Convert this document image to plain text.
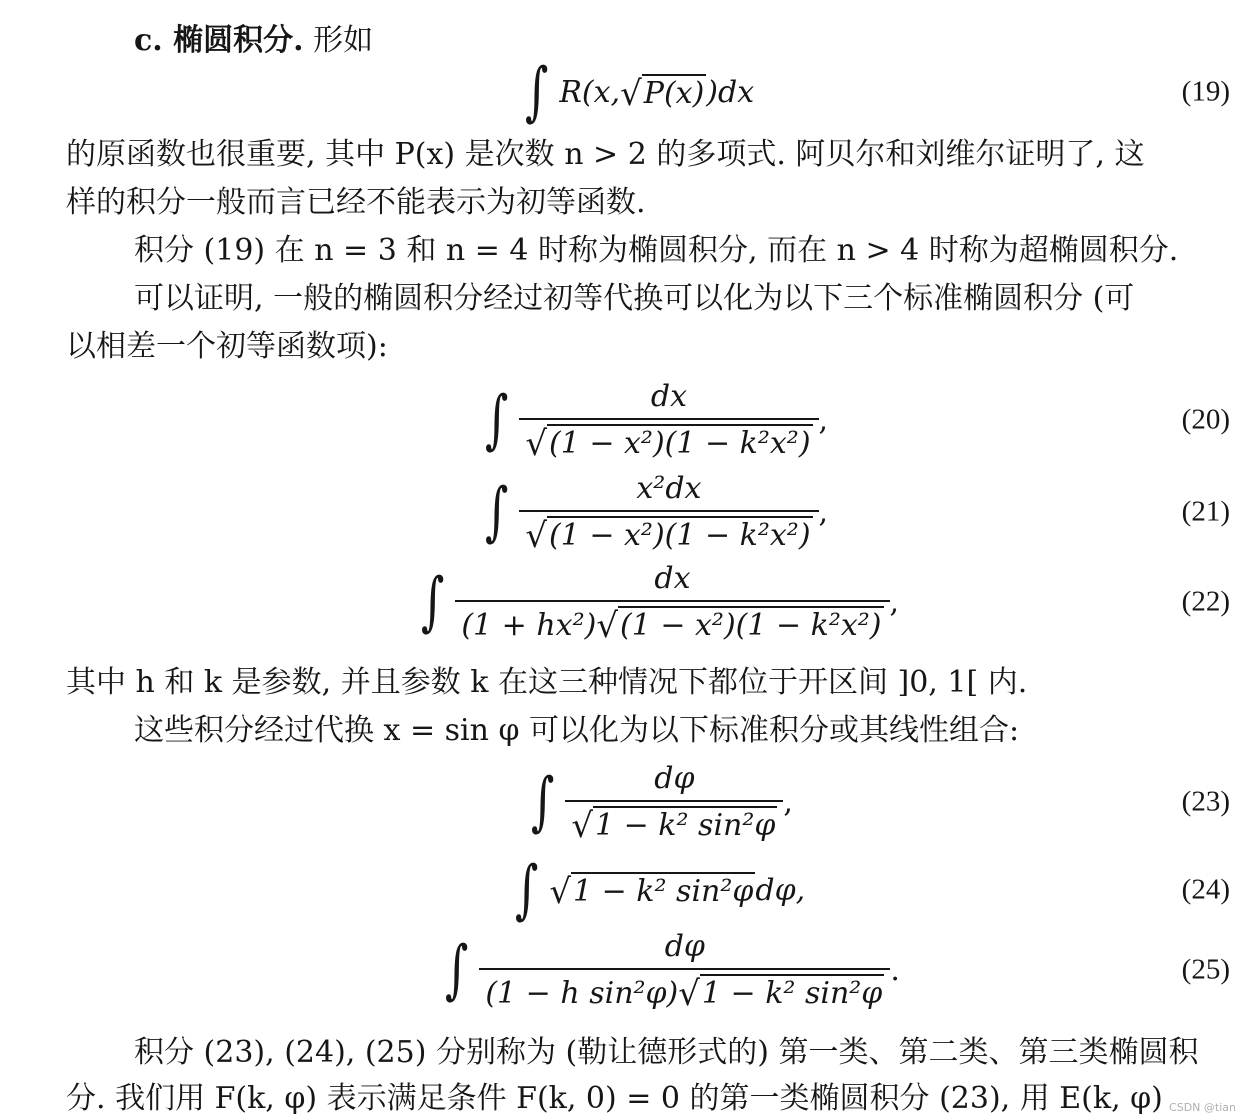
c. 椭圆积分. 形如
∫ R(x, √ P(x) )dx	(19)
的原函数也很重要, 其中 P(x) 是次数 n > 2 的多项式. 阿贝尔和刘维尔证明了, 这
样的积分一般而言已经不能表示为初等函数.
积分 (19) 在 n = 3 和 n = 4 时称为椭圆积分, 而在 n > 4 时称为超椭圆积分.
可以证明, 一般的椭圆积分经过初等代换可以化为以下三个标准椭圆积分 (可
以相差一个初等函数项):
∫ $\frac{dx}{\text{√ (1 − x²)(1 − k²x²)}}$ ,	(20)
∫ $\frac{\text{x²dx}}{\text{√ (1 − x²)(1 − k²x²)}}$ ,	(21)
∫ $\frac{dx}{\text{(1 + hx²) √ (1 − x²)(1 − k²x²)}}$ ,	(22)
其中 h 和 k 是参数, 并且参数 k 在这三种情况下都位于开区间 ]0, 1[ 内.
这些积分经过代换 x = sin φ 可以化为以下标准积分或其线性组合:
∫ $\frac{d\varphi}{\text{√ 1 − k² sin²φ}}$ ,	(23)
∫ √ 1 − k² sin²φ dφ,	(24)
∫ $\frac{d\varphi}{\text{(1 − h sin²φ) √ 1 − k² sin²φ}}$ .	(25)
积分 (23), (24), (25) 分别称为 (勒让德形式的) 第一类、第二类、第三类椭圆积
分. 我们用 F(k, φ) 表示满足条件 F(k, 0) = 0 的第一类椭圆积分 (23), 用 E(k, φ) CSDN @tian
